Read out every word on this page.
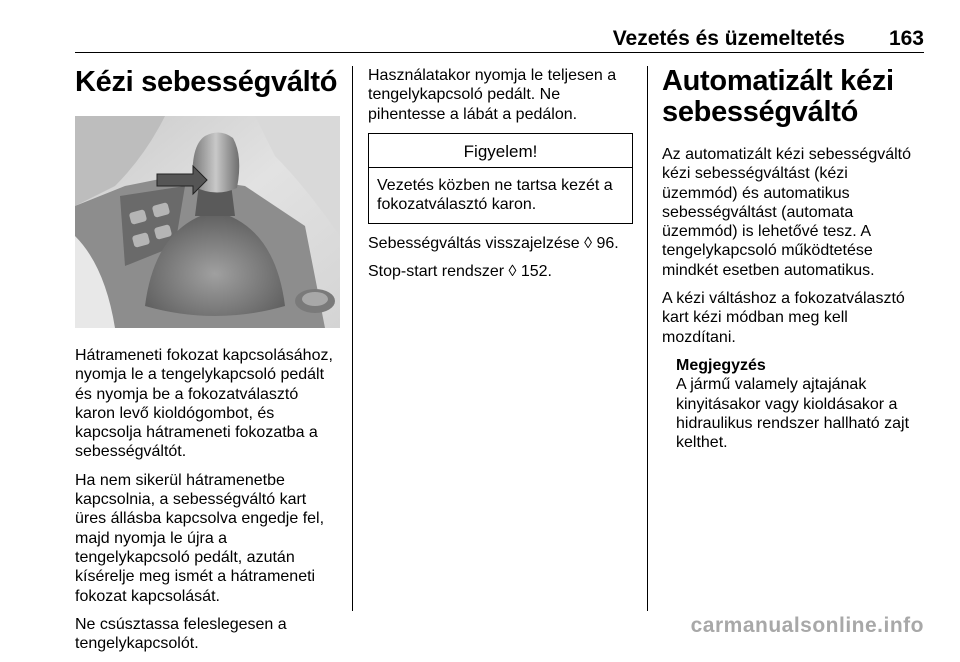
Vezetés és üzemeltetés 163
Kézi sebességváltó

Hátrameneti fokozat kapcsolásához, nyomja le a tengelykapcsoló pedált és nyomja be a fokozatválasztó karon levő kioldógombot, és kapcsolja hátrameneti fokozatba a sebességváltót.

Ha nem sikerül hátramenetbe kapcsolnia, a sebességváltó kart üres állásba kapcsolva engedje fel, majd nyomja le újra a tengelykapcsoló pedált, azután kísérelje meg ismét a hátrameneti fokozat kapcsolását.

Ne csúsztassa feleslegesen a tengelykapcsolót.

Használatakor nyomja le teljesen a tengelykapcsoló pedált. Ne pihentesse a lábát a pedálon.

Figyelem!
Vezetés közben ne tartsa kezét a fokozatválasztó karon.

Sebességváltás visszajelzése ◊ 96.

Stop-start rendszer ◊ 152.

Automatizált kézi sebességváltó

Az automatizált kézi sebességváltó kézi sebességváltást (kézi üzemmód) és automatikus sebességváltást (automata üzemmód) is lehetővé tesz. A tengelykapcsoló működtetése mindkét esetben automatikus.

A kézi váltáshoz a fokozatválasztó kart kézi módban meg kell mozdítani.

Megjegyzés
A jármű valamely ajtajának kinyitásakor vagy kioldásakor a hidraulikus rendszer hallható zajt kelthet.
carmanualsonline.info
